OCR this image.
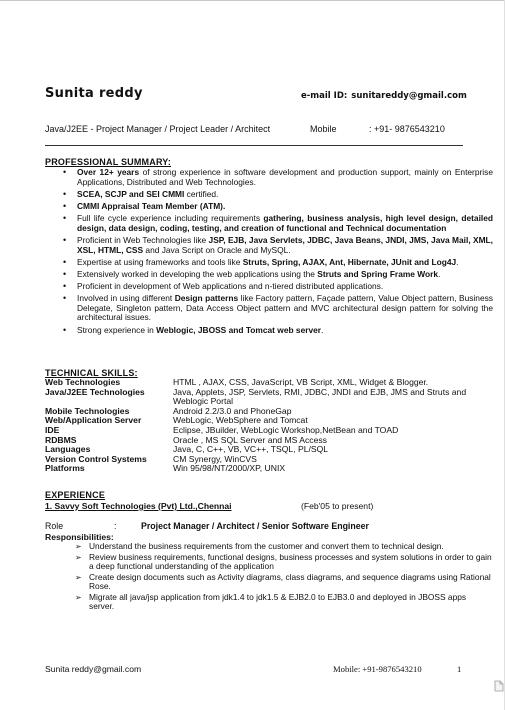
Sunita reddy	e-mail ID: sunitareddy@gmail.com
Java/J2EE - Project Manager / Project Leader / Architect	Mobile	: +91- 9876543210
PROFESSIONAL SUMMARY:
• Over 12+ years of strong experience in software development and production support, mainly on Enterprise Applications, Distributed and Web Technologies.
• SCEA, SCJP and SEI CMMI certified.
• CMMI Appraisal Team Member (ATM).
• Full life cycle experience including requirements gathering, business analysis, high level design, detailed design, data design, coding, testing, and creation of functional and Technical documentation
• Proficient in Web Technologies like JSP, EJB, Java Servlets, JDBC, Java Beans, JNDI, JMS, Java Mail, XML, XSL, HTML, CSS and Java Script on Oracle and MySQL.
• Expertise at using frameworks and tools like Struts, Spring, AJAX, Ant, Hibernate, JUnit and Log4J.
• Extensively worked in developing the web applications using the Struts and Spring Frame Work.
• Proficient in development of Web applications and n-tiered distributed applications.
• Involved in using different Design patterns like Factory pattern, Façade pattern, Value Object pattern, Business Delegate, Singleton pattern, Data Access Object pattern and MVC architectural design pattern for solving the architectural issues.
• Strong experience in Weblogic, JBOSS and Tomcat web server.
TECHNICAL SKILLS:
Web Technologies	HTML , AJAX, CSS, JavaScript, VB Script, XML, Widget & Blogger.
Java/J2EE Technologies	Java, Applets, JSP, Servlets, RMI, JDBC, JNDI and EJB, JMS and Struts and Weblogic Portal
Mobile Technologies	Android 2.2/3.0 and PhoneGap
Web/Application Server	WebLogic, WebSphere and Tomcat
IDE	Eclipse, JBuilder, WebLogic Workshop,NetBean and TOAD
RDBMS	Oracle , MS SQL Server and MS Access
Languages	Java, C, C++, VB, VC++, TSQL, PL/SQL
Version Control Systems	CM Synergy, WinCVS
Platforms	Win 95/98/NT/2000/XP, UNIX
EXPERIENCE
1. Savvy Soft Technologies (Pvt) Ltd.,Chennai	(Feb'05 to present)
Role	:	Project Manager / Architect / Senior Software Engineer
Responsibilities:
➢ Understand the business requirements from the customer and convert them to technical design.
➢ Review business requirements, functional designs, business processes and system solutions in order to gain a deep functional understanding of the application
➢ Create design documents such as Activity diagrams, class diagrams, and sequence diagrams using Rational Rose.
➢ Migrate all java/jsp application from jdk1.4 to jdk1.5 & EJB2.0 to EJB3.0 and deployed in JBOSS apps server.
Sunita reddy@gmail.com	Mobile: +91-9876543210	1
